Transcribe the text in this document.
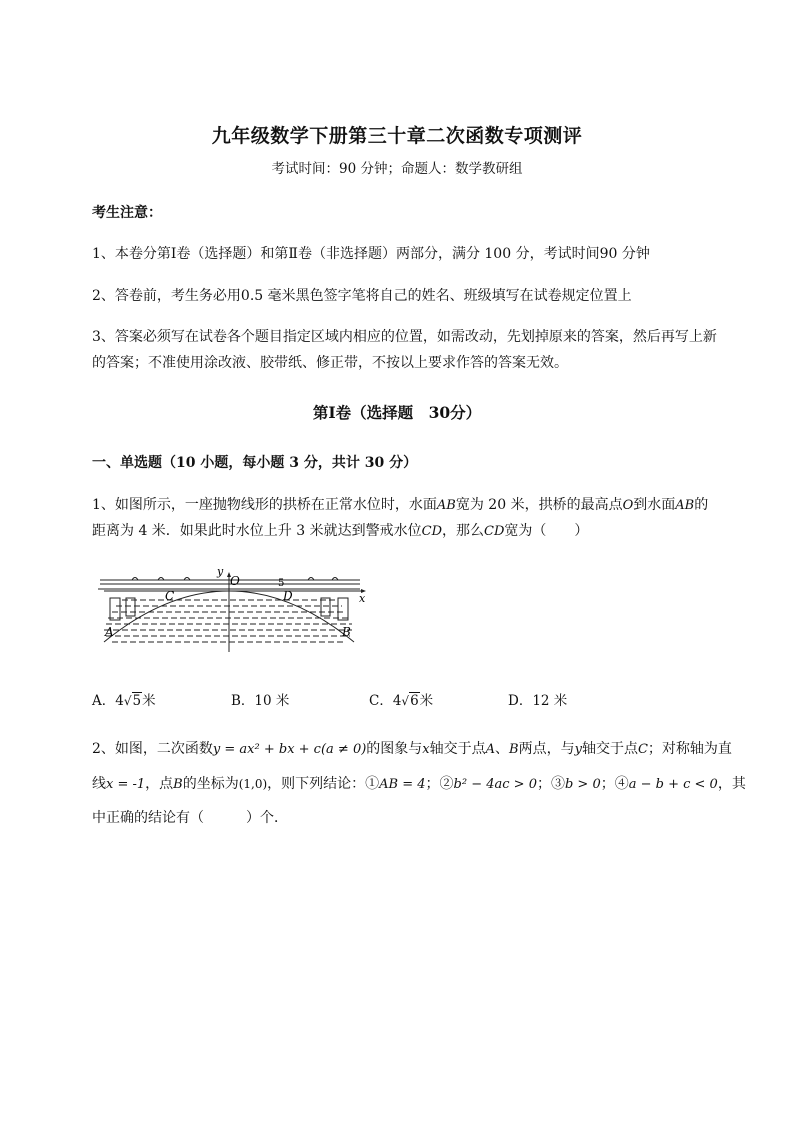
九年级数学下册第三十章二次函数专项测评
考试时间：90 分钟；命题人：数学教研组
考生注意：
1、本卷分第Ⅰ卷（选择题）和第Ⅱ卷（非选择题）两部分，满分 100 分，考试时间90 分钟
2、答卷前，考生务必用0.5 毫米黑色签字笔将自己的姓名、班级填写在试卷规定位置上
3、答案必须写在试卷各个题目指定区域内相应的位置，如需改动，先划掉原来的答案，然后再写上新
的答案；不准使用涂改液、胶带纸、修正带，不按以上要求作答的答案无效。
第Ⅰ卷（选择题　30分）
一、单选题（10 小题，每小题 3 分，共计 30 分）
1、如图所示，一座抛物线形的拱桥在正常水位时，水面AB宽为 20 米，拱桥的最高点O到水面AB的
距离为 4 米．如果此时水位上升 3 米就达到警戒水位CD，那么CD宽为（　　）
y
O	5
C	D	x
A	B
A．4√5米	B．10 米	C．4√6米	D．12 米
2、如图，二次函数y = ax² + bx + c(a ≠ 0)的图象与x轴交于点A、B两点，与y轴交于点C；对称轴为直
线x = -1，点B的坐标为(1,0)，则下列结论：①AB = 4；②b² − 4ac > 0；③b > 0；④a − b + c < 0，其
中正确的结论有（　　　）个．
